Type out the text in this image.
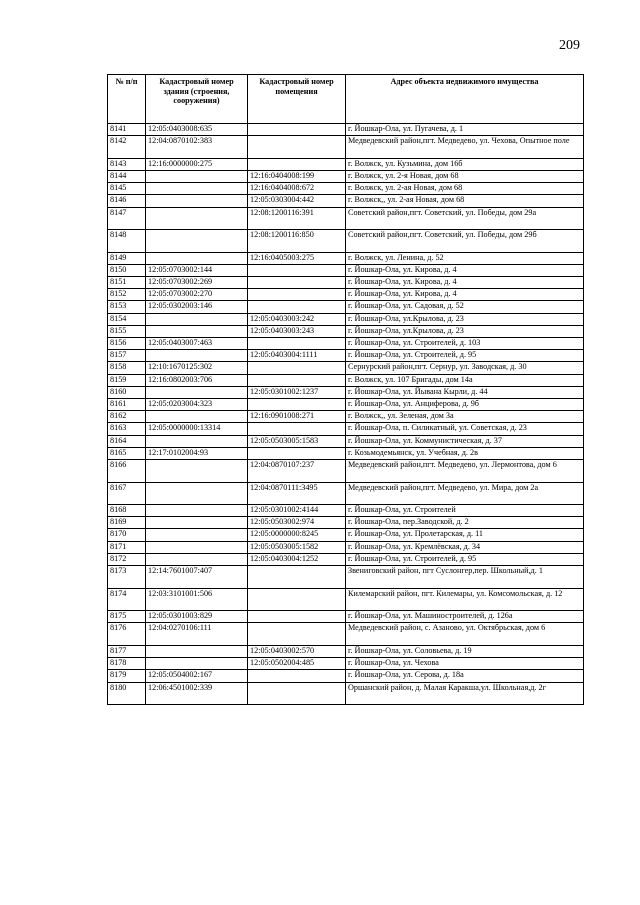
209
№ п/п	Кадастровый номер здания (строения, сооружения)	Кадастровый номер помещения	Адрес объекта недвижимого имущества
8141	12:05:0403008:635		г. Йошкар-Ола, ул. Пугачева, д. 1
8142	12:04:0870102:383		Медведевский район,пгт. Медведево, ул. Чехова, Опытное поле
8143	12:16:0000000:275		г. Волжск, ул. Кузьмина, дом 16б
8144		12:16:0404008:199	г. Волжск, ул. 2-я Новая, дом 68
8145		12:16:0404008:672	г. Волжск, ул. 2-ая Новая, дом 68
8146		12:05:0303004:442	г. Волжск,, ул. 2-ая Новая, дом 68
8147		12:08:1200116:391	Советский район,пгт. Советский, ул. Победы, дом 29а
8148		12:08:1200116:850	Советский район,пгт. Советский, ул. Победы, дом 29б
8149		12:16:0405003:275	г. Волжск, ул. Ленина, д. 52
8150	12:05:0703002:144		г. Йошкар-Ола, ул. Кирова, д. 4
8151	12:05:0703002:269		г. Йошкар-Ола, ул. Кирова, д. 4
8152	12:05:0703002:270		г. Йошкар-Ола, ул. Кирова, д. 4
8153	12:05:0302003:146		г. Йошкар-Ола, ул. Садовая, д. 52
8154		12:05:0403003:242	г. Йошкар-Ола, ул.Крылова, д. 23
8155		12:05:0403003:243	г. Йошкар-Ола, ул.Крылова, д. 23
8156	12:05:0403007:463		г. Йошкар-Ола, ул. Строителей, д. 103
8157		12:05:0403004:1111	г. Йошкар-Ола, ул. Строителей, д. 95
8158	12:10:1670125:302		Сернурский район,пгт. Сернур, ул. Заводская, д. 30
8159	12:16:0802003:706		г. Волжск, ул. 107 Бригады, дом 14а
8160		12:05:0301002:1237	г. Йошкар-Ола, ул. Йывана Кырли, д. 44
8161	12:05:0203004:323		г. Йошкар-Ола, ул. Анциферова, д. 9б
8162		12:16:0901008:271	г. Волжск,, ул. Зеленая, дом 3а
8163	12:05:0000000:13314		г. Йошкар-Ола, п. Силикатный, ул. Советская, д. 23
8164		12:05:0503005:1583	г. Йошкар-Ола, ул. Коммунистическая, д. 37
8165	12:17:0102004:93		г. Козьмодемьянск, ул. Учебная, д. 2в
8166		12:04:0870107:237	Медведевский район,пгт. Медведево, ул. Лермонтова, дом 6
8167		12:04:0870111:3495	Медведевский район,пгт. Медведево, ул. Мира, дом 2а
8168		12:05:0301002:4144	г. Йошкар-Ола, ул. Строителей
8169		12:05:0503002:974	г. Йошкар-Ола, пер.Заводской, д. 2
8170		12:05:0000000:8245	г. Йошкар-Ола, ул. Пролетарская, д. 11
8171		12:05:0503005:1582	г. Йошкар-Ола, ул. Кремлёвская, д. 34
8172		12:05:0403004:1252	г. Йошкар-Ола, ул. Строителей, д. 95
8173	12:14:7601007:407		Звениговский район, пгт Суслонгер,пер. Школьный,д. 1
8174	12:03:3101001:506		Килемарский район, пгт. Килемары, ул. Комсомольская, д. 12
8175	12:05:0301003:829		г. Йошкар-Ола, ул. Машиностроителей, д. 126а
8176	12:04:0270106:111		Медведевский район, с. Азаново, ул. Октябрьская, дом 6
8177		12:05:0403002:570	г. Йошкар-Ола, ул. Соловьева, д. 19
8178		12:05:0502004:485	г. Йошкар-Ола, ул. Чехова
8179	12:05:0504002:167		г. Йошкар-Ола, ул. Серова, д. 18а
8180	12:06:4501002:339		Оршанский район, д. Малая Каракша,ул. Школьная,д. 2г
